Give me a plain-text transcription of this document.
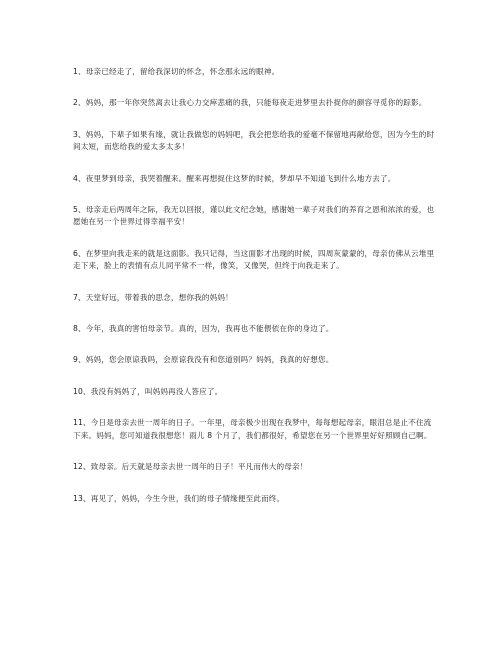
1、母亲已经走了，留给我深切的怀念，怀念那永远的眼神。
2、妈妈，那一年你突然离去让我心力交瘁悲痛的我，只能每夜走进梦里去扑捉你的颜容寻觅你的踪影。
3、妈妈，下辈子如果有缘，就让我做您的妈妈吧，我会把您给我的爱毫不保留地再献给您，因为今生的时间太短，而您给我的爱太多太多！
4、夜里梦到母亲，我哭着醒来。醒来再想捉住这梦的时候，梦却早不知道飞到什么地方去了。
5、母亲走后两周年之际，我无以回报，谨以此文纪念她，感谢她一辈子对我们的养育之恩和浓浓的爱，也愿她在另一个世界过得幸福平安！
6、在梦里向我走来的就是这面影。我只记得，当这面影才出现的时候，四周灰蒙蒙的，母亲仿佛从云堆里走下来，脸上的表情有点儿同平常不一样，像笑，又像哭，但终于向我走来了。
7、天堂好远，带着我的思念，想你我的妈妈！
8、今年，我真的害怕母亲节。真的，因为，我再也不能偎依在你的身边了。
9、妈妈，您会原谅我吗，会原谅我没有和您道别吗？妈妈，我真的好想您。
10、我没有妈妈了，叫妈妈再没人答应了。
11、今日是母亲去世一周年的日子。一年里，母亲极少出现在我梦中，每每想起母亲，眼泪总是止不住流下来。妈妈，您可知道我很想您！雨儿 8 个月了，我们都很好，希望您在另一个世界里好好照顾自己啊。
12、致母亲。后天就是母亲去世一周年的日子！平凡而伟大的母亲！
13、再见了，妈妈，今生今世，我们的母子情缘便至此而终。
